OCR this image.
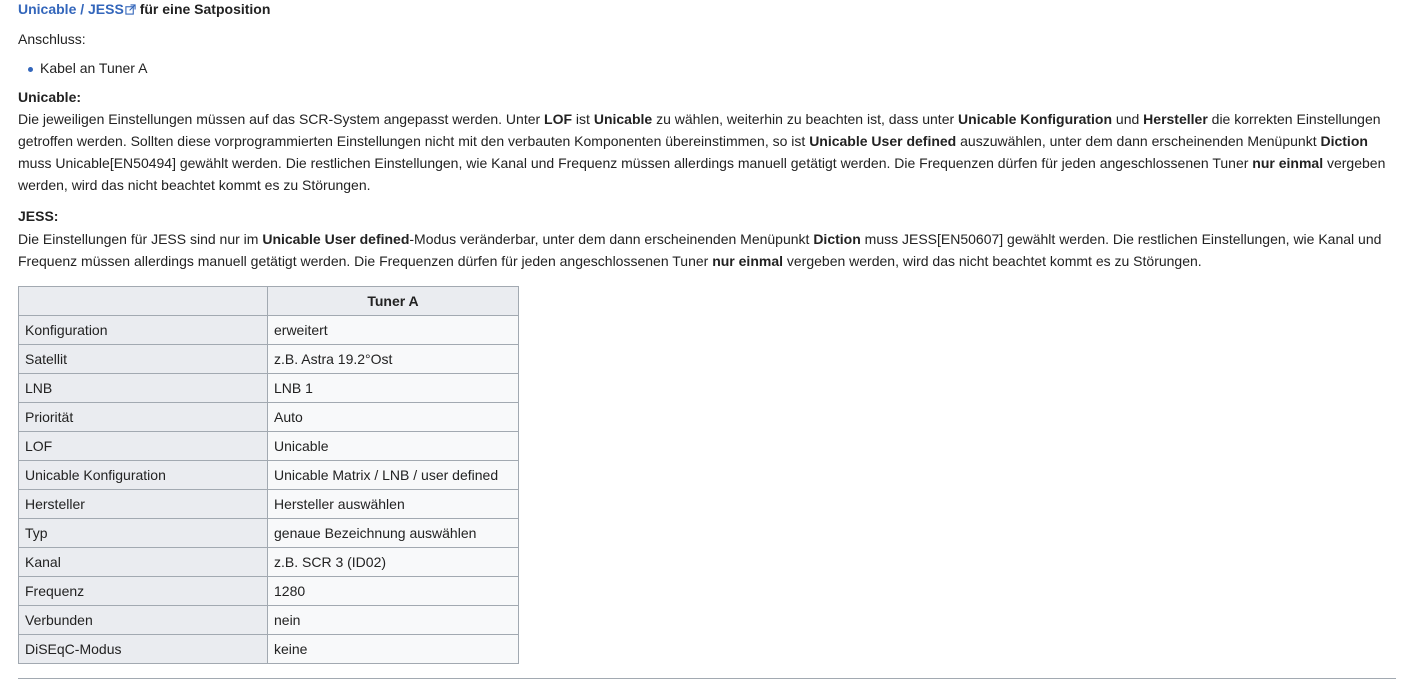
Unicable / JESS für eine Satposition
Anschluss:
Kabel an Tuner A
Unicable:
Die jeweiligen Einstellungen müssen auf das SCR-System angepasst werden. Unter LOF ist Unicable zu wählen, weiterhin zu beachten ist, dass unter Unicable Konfiguration und Hersteller die korrekten Einstellungen getroffen werden. Sollten diese vorprogrammierten Einstellungen nicht mit den verbauten Komponenten übereinstimmen, so ist Unicable User defined auszuwählen, unter dem dann erscheinenden Menüpunkt Diction muss Unicable[EN50494] gewählt werden. Die restlichen Einstellungen, wie Kanal und Frequenz müssen allerdings manuell getätigt werden. Die Frequenzen dürfen für jeden angeschlossenen Tuner nur einmal vergeben werden, wird das nicht beachtet kommt es zu Störungen.
JESS:
Die Einstellungen für JESS sind nur im Unicable User defined-Modus veränderbar, unter dem dann erscheinenden Menüpunkt Diction muss JESS[EN50607] gewählt werden. Die restlichen Einstellungen, wie Kanal und Frequenz müssen allerdings manuell getätigt werden. Die Frequenzen dürfen für jeden angeschlossenen Tuner nur einmal vergeben werden, wird das nicht beachtet kommt es zu Störungen.
	Tuner A
Konfiguration	erweitert
Satellit	z.B. Astra 19.2°Ost
LNB	LNB 1
Priorität	Auto
LOF	Unicable
Unicable Konfiguration	Unicable Matrix / LNB / user defined
Hersteller	Hersteller auswählen
Typ	genaue Bezeichnung auswählen
Kanal	z.B. SCR 3 (ID02)
Frequenz	1280
Verbunden	nein
DiSEqC-Modus	keine
